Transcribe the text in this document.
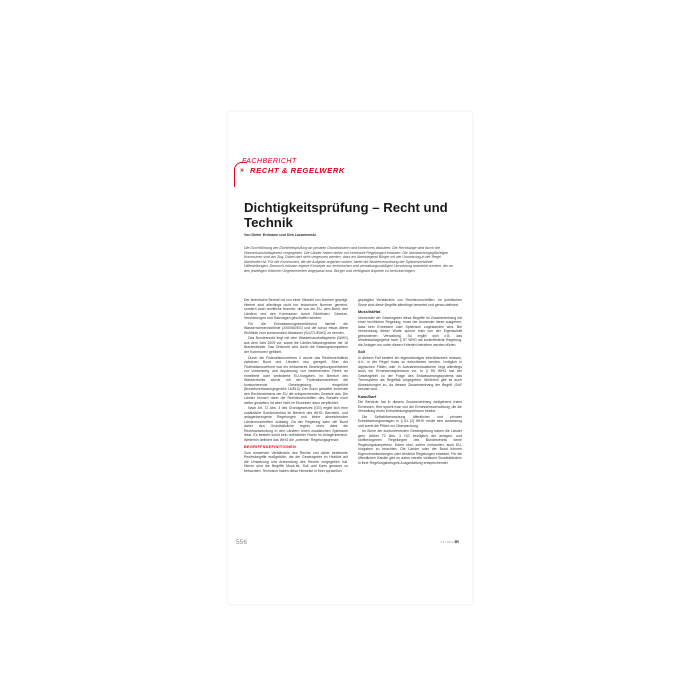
FACHBERICHT
» RECHT & REGELWERK
Dichtigkeitsprüfung – Recht und Technik
Von Dieter Erdmann und Dirk Lazaniewski
Die Durchführung der Dichtheitsprüfung an privaten Grundstücken wird kontrovers diskutiert. Die Rechtslage wird durch die Wasserhaushaltsgesetz vorgegeben. Die Länder haben daher nur vereinzelt Regelungen erlassen. Die überwachungspflichtigen Kommunen sind am Zug. Dabei darf nicht vergessen werden, dass ein überwiegend Bürger mit der Umsetzung in der Regel überfordert ist. Für die Kommunen, die die Aufgabe angehen wollen, bietet die Musterverordnung der Spitzenverbände Hilfestellungen. Dennoch müssen eigene Konzepte zur technischen und verwaltungsmäßigen Umsetzung erarbeitet werden, die an den jeweiligen örtlichen Gegebenheiten angepasst sind. Bürger und verfügbare Aspekte zu berücksichtigen.

Der technische Bereich ist von einer Vielzahl von Normen geprägt. Hierbei sind allerdings nicht nur technische Normen gemeint, sondern auch rechtliche Normen, die von der EU, dem Bund, den Ländern und den Kommunen durch Richtlinien, Gesetze, Verordnungen und Satzungen geschaffen werden.

Für die Entwässerungsbereichtsind hierbei die Wasserrahmenrichtlinie (2000/60/EG) und die schon etwas ältere Richtlinie zum kommunalen Abwasser (91/271/EWG) zu nennen.

Das Bundesrecht liegt mit dem Wasserhaushaltsgesetz (WHG) aus dem Jahr 2009 vor, sowie die Länder-Wassergesetze der 16 Bundesländer. Das Ortsrecht wird durch die Satzungskompetenz der Kommunen gebildet.

Durch die Föderalismusreform 2 wurde das Rechtsverhältnis zwischen Bund und Ländern neu geregelt. Sinn der Föderalismusreform war ein einfacheres Gesetzgebungsverfahren zur Umsetzung und Anpassung von bestehendem Recht an erweiterte oder veränderte EU-Vorgaben. Im Bereich des Wasserrechts wurde mit der Föderalismusreform die konkurrierende Gesetzgebung eingeführt (Bundesverfassungsgericht 16/813). Der Bund gestaltet innerhalb des Rechtsrahmens der EU die entsprechenden Gesetze aus. Die Länder können dann die Rechtsvorschriften des Bundes noch weiter gestalten, ist aber nicht im Einzelnen dazu verpflichtet.

Nach Art. 72 Abs. 3 des Grundgesetzes (GG) ergibt sich eine zusätzliche Sonderstruktur im Bereich des WHG. Berufsfür- und anlagenbezogene Regelungen und keine abweichenden Ländervorschriften zulässig. Da der Regelung kann der Bund daher den Grundsätzliche regeln, ohne dass die Rechtsanwendung in den Ländern einen zusätzlichen Spielraum lässt. Es besteht somit kein rechtsfreier Raum im Anlagenbereich. Weiterhin definiert das WHG die „unterste“ Regelungsgrenze.

BEGRIFFSDEFINITIONEN

Zum einwertem Verständnis des Rechts und daher bestimmte Rechtsbegriffe maßgeblich, die der Gesetzgeber im Hinblick auf die Umsetzung und Anwendung des Rechts vorgegeben hat. Hierzu sind die Begriffe Muss-Ist, Soll und Kann genauer zu betrachten. Technisch haben diese Hinweise in ihrer sprachlich

geprägten Verständnis von Rechtsvorschriften. Im juristischen Sinne sind diese Begriffe allerdings bewertet und genau definiert.

Muss/Ist/Hat

Verwendet der Gesetzgeber diese Begriffe im Zusammenhang mit einer rechtlichen Regelung, muss der Anwender diese ausgehen, dass kein Ermessen oder Spielraum zugestanden wird. Bei Verwendung dieser Worte spricht man von der Eigenschaft gebundenen Verwaltung. So ergibt sich z.B. das Mindestanlagegebot nach § 57 WHG als konkretisierte Regelung, die Anlagen nur unter diesen Kriterien betrieben werden dürfen.

Soll

In diesem Fall besteht ein eigenständiges Interdiktsrecht müssen, d.h., in der Regel muss so entschieden werden. Lediglich in atypischen Fällen oder in Ausnahmesituationen liegt allerdings auch ein Ermessensspielraum vor. In § 55 WHG hat der Gesetzgeber zu der Frage des Entwässerungssystems das Trennsystem als Regelfall vorgegeben. Weiterhin gibt es auch Abweichungen zu, da diesem Zusammenhang der Begriff „Soll“ benutzt wird.

Kann/Darf

Die Behörde hat in diesem Zusammenhang weitgehend freies Ermessen. Hier spricht man von der Ermessensverwaltung, die die Verwaltung einen Entscheidungsspielraum besitzt.

Die Selbstüberwachung öffentlicher und privater Entwässerungsanlagen in § 61 (2) WHG erhält eine Anweisung und somit die Pflicht zur Überwachung.

Im Sinne der konkurrierenden Gesetzgebung haben die Länder gem. Artikel 72 Abs. 3 GG bezüglich der anlagen- und stoffbezogenen Regelungen des Bundesrechts keine Regelungskompetenz. Daher sind, sofern vorhanden, auch EU-Vorgaben zu beachten. Die Länder oder der Bund können Eigenverantwortungen oder ähnliche Regelungen erlassen. Für die öffentlichen Kanäle gibt es daher bereits vielfache Bundesländern in ihrer Regelungsbefugnis Ausgestaltung entsprechender

556	7-8 | 2012 3R
